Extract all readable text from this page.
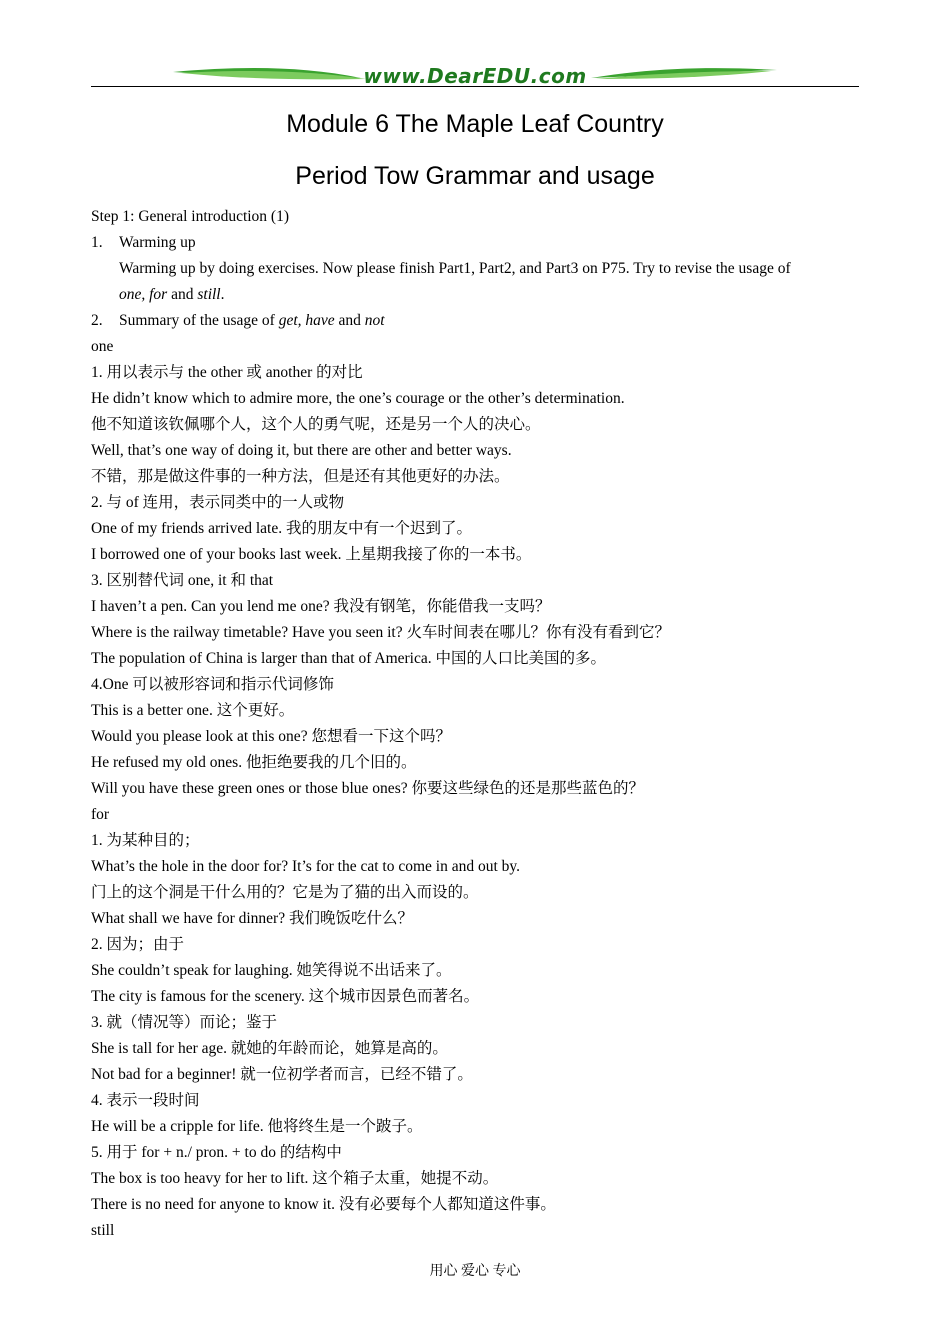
www.DearEDU.com
Module 6 The Maple Leaf Country
Period Tow Grammar and usage
Step 1: General introduction (1)
1. Warming up
Warming up by doing exercises. Now please finish Part1, Part2, and Part3 on P75. Try to revise the usage of
one, for and still.
2. Summary of the usage of get, have and not
one
1. 用以表示与 the other 或 another 的对比
He didn’t know which to admire more, the one’s courage or the other’s determination.
他不知道该钦佩哪个人，这个人的勇气呢，还是另一个人的决心。
Well, that’s one way of doing it, but there are other and better ways.
不错，那是做这件事的一种方法，但是还有其他更好的办法。
2. 与 of 连用，表示同类中的一人或物
One of my friends arrived late. 我的朋友中有一个迟到了。
I borrowed one of your books last week. 上星期我接了你的一本书。
3. 区别替代词 one, it 和 that
I haven’t a pen. Can you lend me one? 我没有钢笔，你能借我一支吗？
Where is the railway timetable? Have you seen it? 火车时间表在哪儿？你有没有看到它？
The population of China is larger than that of America. 中国的人口比美国的多。
4.One 可以被形容词和指示代词修饰
This is a better one. 这个更好。
Would you please look at this one? 您想看一下这个吗？
He refused my old ones. 他拒绝要我的几个旧的。
Will you have these green ones or those blue ones? 你要这些绿色的还是那些蓝色的？
for
1. 为某种目的；
What’s the hole in the door for? It’s for the cat to come in and out by.
门上的这个洞是干什么用的？它是为了猫的出入而设的。
What shall we have for dinner? 我们晚饭吃什么？
2. 因为；由于
She couldn’t speak for laughing. 她笑得说不出话来了。
The city is famous for the scenery. 这个城市因景色而著名。
3. 就（情况等）而论；鉴于
She is tall for her age. 就她的年龄而论，她算是高的。
Not bad for a beginner! 就一位初学者而言，已经不错了。
4. 表示一段时间
He will be a cripple for life. 他将终生是一个跛子。
5. 用于 for + n./ pron. + to do 的结构中
The box is too heavy for her to lift. 这个箱子太重，她提不动。
There is no need for anyone to know it. 没有必要每个人都知道这件事。
still
用心 爱心 专心
